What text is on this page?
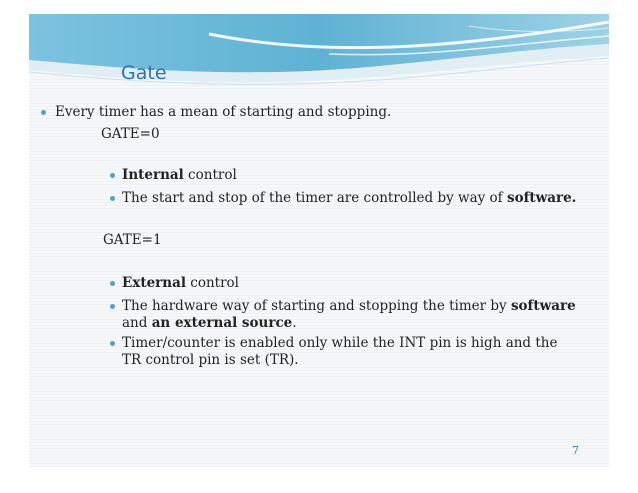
Gate
Every timer has a mean of starting and stopping.
GATE=0
Internal control
The start and stop of the timer are controlled by way of software.
GATE=1
External control
The hardware way of starting and stopping the timer by software
and an external source.
Timer/counter is enabled only while the INT pin is high and the
TR control pin is set (TR).
7
